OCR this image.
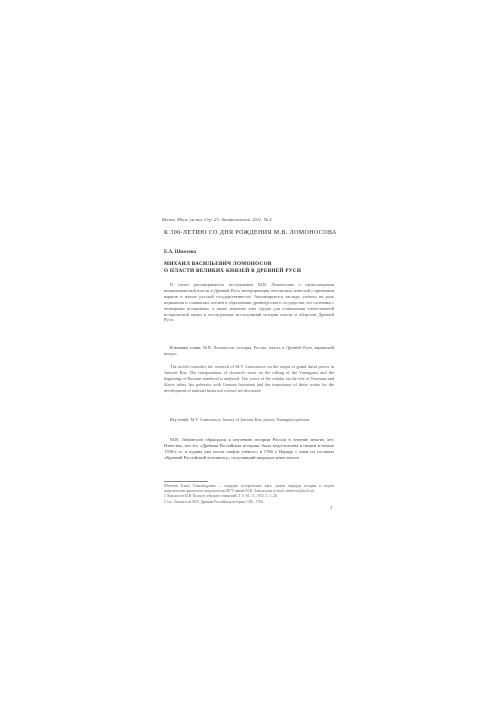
Вестн. Моск. ун-та. Сер. 23. Антропология. 2011. № 4
К 300-ЛЕТИЮ СО ДНЯ РОЖДЕНИЯ М.В. ЛОМОНОСОВА
Е.А. Шмелева
МИХАИЛ ВАСИЛЬЕВИЧ ЛОМОНОСОВ
О ПЛАСТИ ВЕЛИКИХ КНЯЗЕЙ В ДРЕВНЕЙ РУСИ

В статье рассматривается исследование М.В. Ломоносова о происхождении великокняжеской власти в Древней Руси, интерпретация летописных известий о призвании варягов и начале русской государственности. Анализируются взгляды учёного на роль норманнов и славянских племён в образовании древнерусского государства, его полемика с немецкими историками, а также значение этих трудов для становления отечественной исторической науки и последующих исследований истории власти и общества Древней Руси.

Ключевые слова: М.В. Ломоносов, история, Россия, власть в Древней Руси, варяжский вопрос.

The article considers the research of M.V. Lomonosov on the origin of grand ducal power in Ancient Rus. The interpretation of chronicle news on the calling of the Varangians and the beginning of Russian statehood is analysed. The views of the scholar on the role of Normans and Slavic tribes, his polemics with German historians and the importance of these works for the development of national historical science are discussed.

Key words: M.V. Lomonosov, history of Ancient Rus, power, Varangian question.

М.В. Ломоносов обращался к изучению истории России в течение многих лет. Известно, что его «Древняя Российская история» была подготовлена к печати в начале 1760-х гг. и издана уже после смерти учёного, в 1766 г. Наряду с этим он составил «Краткий Российский летописец», получивший широкую известность.

Шмелева Елена Александровна — кандидат исторических наук, доцент кафедры истории и теории антропологии факультета антропологии МГУ имени М.В. Ломоносова (e-mail: shmeleva@mail.ru).

1 Ломоносов М.В. Полное собрание сочинений. Т. 6. М.; Л., 1952. С. 1–20.

2 См.: Ломоносов М.В. Древняя Российская история. СПб., 1766.

3
